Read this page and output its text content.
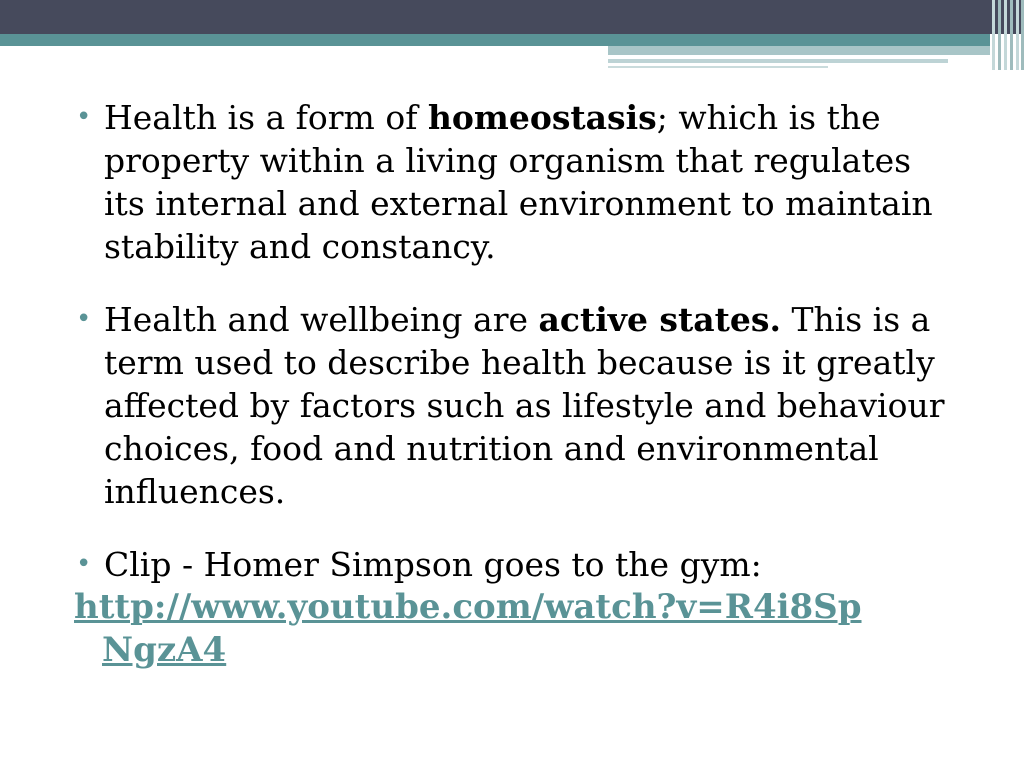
• Health is a form of homeostasis; which is the property within a living organism that regulates its internal and external environment to maintain stability and constancy.
• Health and wellbeing are active states. This is a term used to describe health because is it greatly affected by factors such as lifestyle and behaviour choices, food and nutrition and environmental influences.
• Clip - Homer Simpson goes to the gym:
http://www.youtube.com/watch?v=R4i8Sp
NgzA4
